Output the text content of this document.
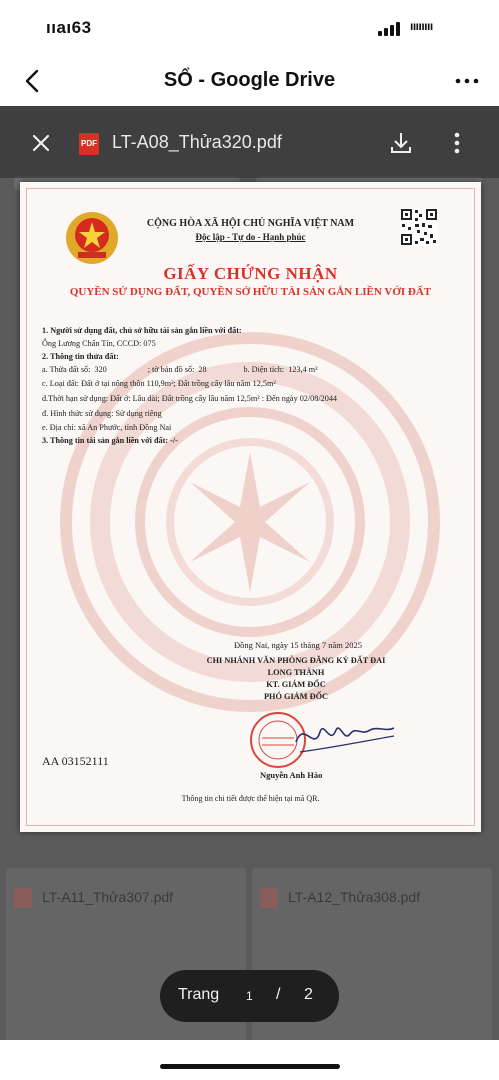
ııaı63	ıııııııı
SỔ - Google Drive
LT-A11_Thửa307.pdf	LT-A12_Thửa308.pdf
PDF LT-A08_Thửa320.pdf
CỘNG HÒA XÃ HỘI CHỦ NGHĨA VIỆT NAM
Độc lập - Tự do - Hạnh phúc
GIẤY CHỨNG NHẬN
QUYỀN SỬ DỤNG ĐẤT, QUYỀN SỞ HỮU TÀI SẢN GẮN LIỀN VỚI ĐẤT
1. Người sử dụng đất, chủ sở hữu tài sản gắn liền với đất:
Ông Lương Chấn Tín, CCCD: 075
2. Thông tin thửa đất:
a. Thửa đất số:  320                    ; tờ bản đồ số:  28                  b. Diện tích:  123,4 m²
c. Loại đất: Đất ở tại nông thôn 110,9m²; Đất trồng cây lâu năm 12,5m²
d.Thời hạn sử dụng: Đất ở: Lâu dài; Đất trồng cây lâu năm 12,5m² : Đến ngày 02/08/2044
đ. Hình thức sử dụng: Sử dụng riêng
e. Địa chỉ: xã An Phước, tỉnh Đồng Nai
3. Thông tin tài sản gắn liền với đất: -/-
Đồng Nai, ngày 15 tháng 7 năm 2025
CHI NHÁNH VĂN PHÒNG ĐĂNG KÝ ĐẤT ĐAI
LONG THÀNH
KT. GIÁM ĐỐC
PHÓ GIÁM ĐỐC
AA 03152111
Nguyễn Anh Hào
Thông tin chi tiết được thể hiện tại mã QR.
Trang 1 / 2
